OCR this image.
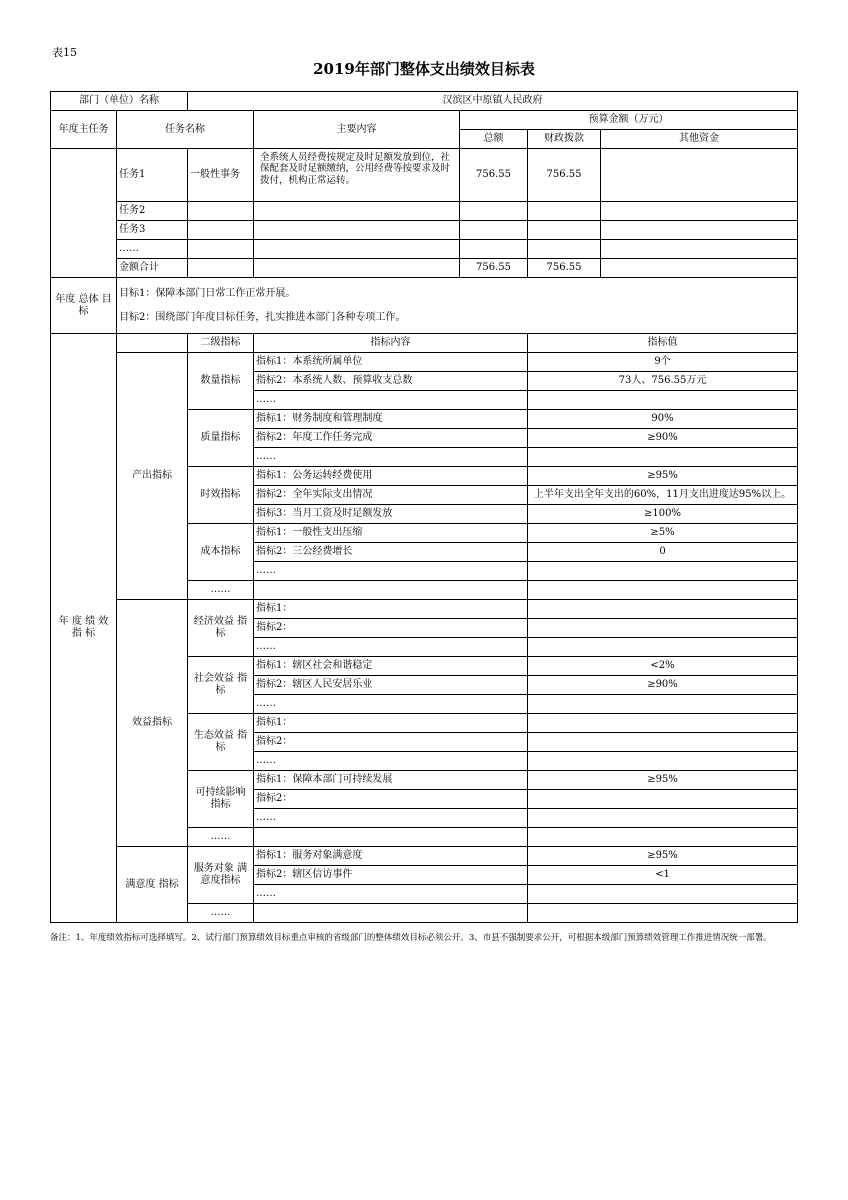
表15
2019年部门整体支出绩效目标表
部门（单位）名称		汉滨区中原镇人民政府				
年度主任务	任务名称		主要内容	预算金额（万元）		
				总额	财政拨款	其他资金
	任务1	一般性事务	全系统人员经费按规定及时足额发放到位，社保配套及时足额缴纳，公用经费等按要求及时拨付，机构正常运转。	756.55	756.55	
	任务2					
	任务3					
	……					
	金额合计			756.55	756.55	
年度 总体 目标	目标1：保障本部门日常工作正常开展。
目标2：围绕部门年度目标任务，扎实推进本部门各种专项工作。					

年 度 绩 效 指 标		二级指标	指标内容		指标值	
	产出指标	数量指标	指标1：本系统所属单位		9个	
			指标2：本系统人数、预算收支总数		73人、756.55万元	
			……			
		质量指标	指标1：财务制度和管理制度		90%	
			指标2：年度工作任务完成		≥90%	
			……			
		时效指标	指标1：公务运转经费使用		≥95%	
			指标2：全年实际支出情况		上半年支出全年支出的60%，11月支出进度达95%以上。	
			指标3：当月工资及时足额发放		≥100%	
		成本指标	指标1：一般性支出压缩		≥5%	
			指标2：三公经费增长		0	
			……			
		……				
	效益指标	经济效益 指标	指标1：			
			指标2：			
			……			
		社会效益 指标	指标1：辖区社会和谐稳定		<2%	
			指标2：辖区人民安居乐业		≥90%	
			……			
		生态效益 指标	指标1：			
			指标2：			
			……			
		可持续影响 指标	指标1：保障本部门可持续发展		≥95%	
			指标2：			
			……			
		……				
	满意度 指标	服务对象 满意度指标	指标1：服务对象满意度		≥95%	
			指标2：辖区信访事件		<1	
			……			
		……				
备注：1、年度绩效指标可选择填写。2、试行部门预算绩效目标重点审核的省级部门的整体绩效目标必须公开。3、市县不强制要求公开，可根据本级部门预算绩效管理工作推进情况统一部署。
